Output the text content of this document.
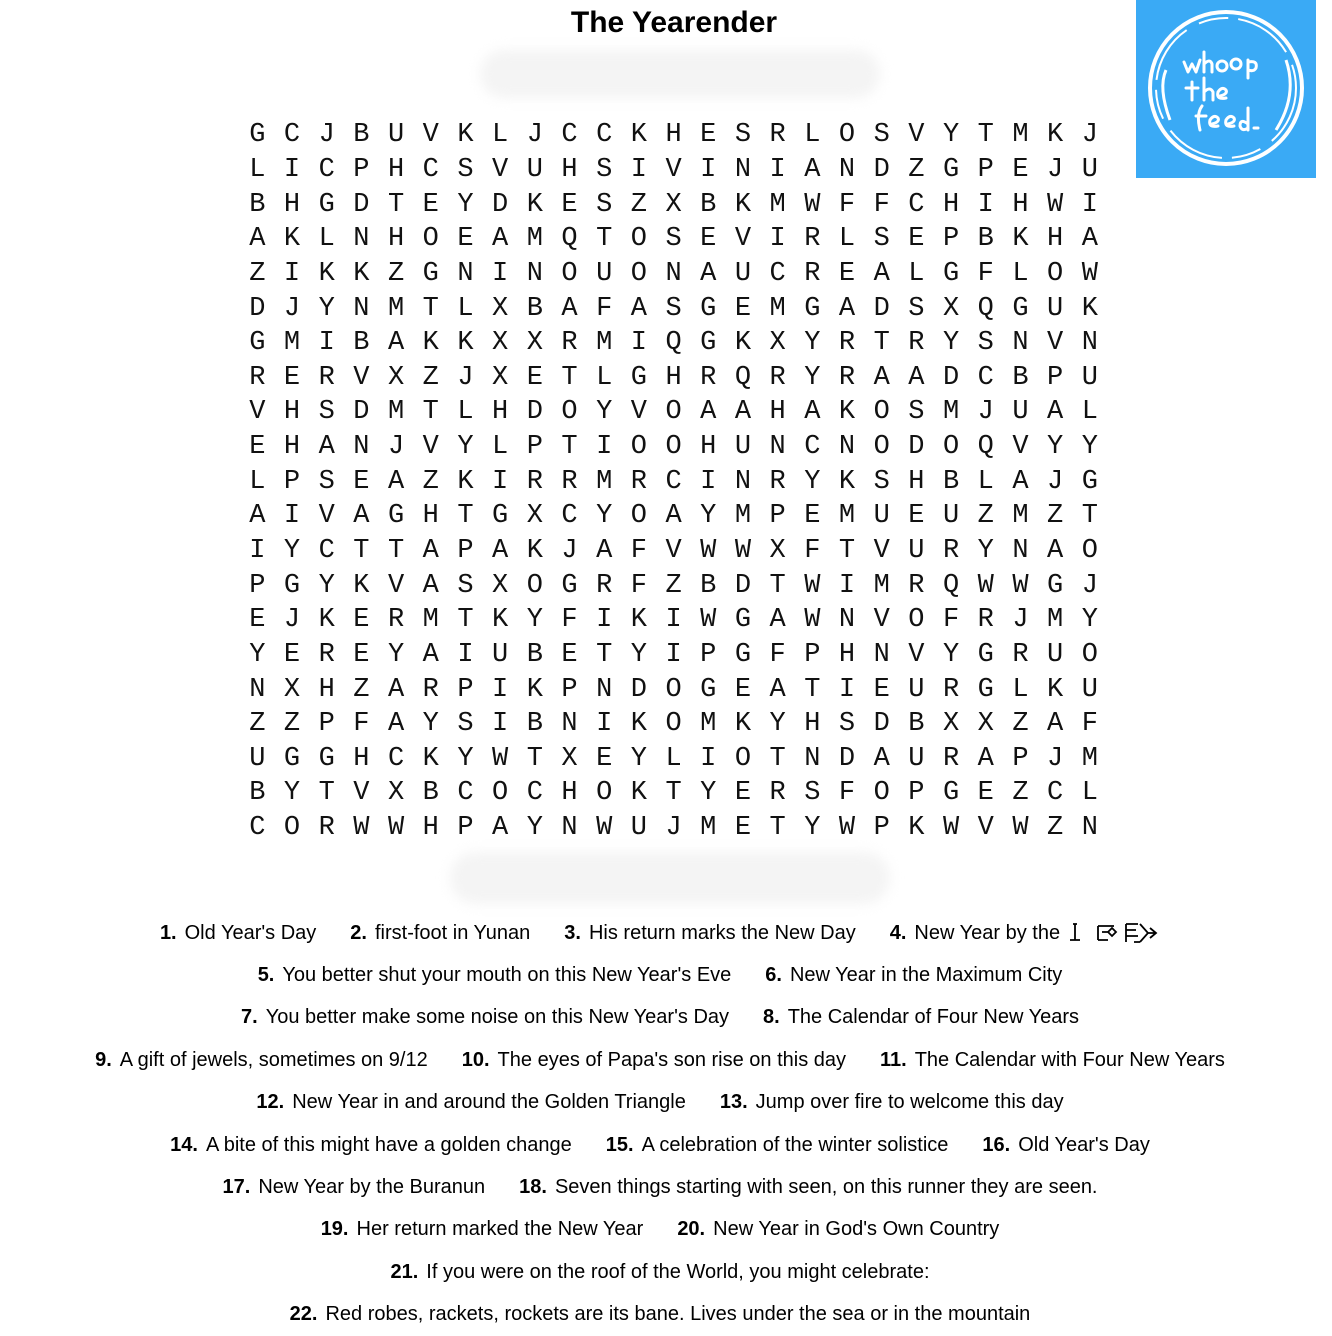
The Yearender
G C J B U V K L J C C K H E S R L O S V Y T M K J
L I C P H C S V U H S I V I N I A N D Z G P E J U
B H G D T E Y D K E S Z X B K M W F F C H I H W I
A K L N H O E A M Q T O S E V I R L S E P B K H A
Z I K K Z G N I N O U O N A U C R E A L G F L O W
D J Y N M T L X B A F A S G E M G A D S X Q G U K
G M I B A K K X X R M I Q G K X Y R T R Y S N V N
R E R V X Z J X E T L G H R Q R Y R A A D C B P U
V H S D M T L H D O Y V O A A H A K O S M J U A L
E H A N J V Y L P T I O O H U N C N O D O Q V Y Y
L P S E A Z K I R R M R C I N R Y K S H B L A J G
A I V A G H T G X C Y O A Y M P E M U E U Z M Z T
I Y C T T A P A K J A F V W W X F T V U R Y N A O
P G Y K V A S X O G R F Z B D T W I M R Q W W G J
E J K E R M T K Y F I K I W G A W N V O F R J M Y
Y E R E Y A I U B E T Y I P G F P H N V Y G R U O
N X H Z A R P I K P N D O G E A T I E U R G L K U
Z Z P F A Y S I B N I K O M K Y H S D B X X Z A F
U G G H C K Y W T X E Y L I O T N D A U R A P J M
B Y T V X B C O C H O K T Y E R S F O P G E Z C L
C O R W W H P A Y N W U J M E T Y W P K W V W Z N
1. Old Year's Day 2. first-foot in Yunan 3. His return marks the New Day 4. New Year by the
5. You better shut your mouth on this New Year's Eve 6. New Year in the Maximum City
7. You better make some noise on this New Year's Day 8. The Calendar of Four New Years
9. A gift of jewels, sometimes on 9/12 10. The eyes of Papa's son rise on this day 11. The Calendar with Four New Years
12. New Year in and around the Golden Triangle 13. Jump over fire to welcome this day
14. A bite of this might have a golden change 15. A celebration of the winter solistice 16. Old Year's Day
17. New Year by the Buranun 18. Seven things starting with seen, on this runner they are seen.
19. Her return marked the New Year 20. New Year in God's Own Country
21. If you were on the roof of the World, you might celebrate:
22. Red robes, rackets, rockets are its bane. Lives under the sea or in the mountain
